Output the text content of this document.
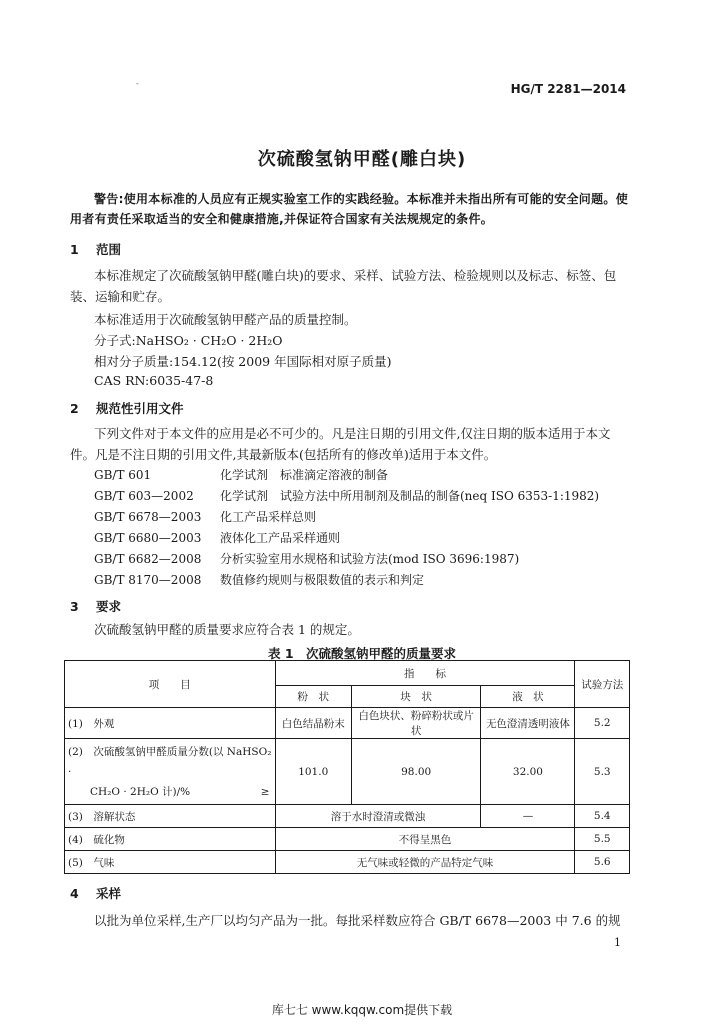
-	HG/T 2281—2014
次硫酸氢钠甲醛(雕白块)
警告:使用本标准的人员应有正规实验室工作的实践经验。本标准并未指出所有可能的安全问题。使用者有责任采取适当的安全和健康措施,并保证符合国家有关法规规定的条件。
1 范围
本标准规定了次硫酸氢钠甲醛(雕白块)的要求、采样、试验方法、检验规则以及标志、标签、包装、运输和贮存。
本标准适用于次硫酸氢钠甲醛产品的质量控制。
分子式:NaHSO₂ · CH₂O · 2H₂O
相对分子质量:154.12(按 2009 年国际相对原子质量)
CAS RN:6035-47-8
2 规范性引用文件
下列文件对于本文件的应用是必不可少的。凡是注日期的引用文件,仅注日期的版本适用于本文件。凡是不注日期的引用文件,其最新版本(包括所有的修改单)适用于本文件。
GB/T 601	化学试剂　标准滴定溶液的制备
GB/T 603—2002 化学试剂　试验方法中所用制剂及制品的制备(neq ISO 6353-1:1982)
GB/T 6678—2003 化工产品采样总则
GB/T 6680—2003 液体化工产品采样通则
GB/T 6682—2008 分析实验室用水规格和试验方法(mod ISO 3696:1987)
GB/T 8170—2008 数值修约规则与极限数值的表示和判定
3 要求
次硫酸氢钠甲醛的质量要求应符合表 1 的规定。
表 1　次硫酸氢钠甲醛的质量要求
项　　目	指　　标			试验方法
	粉　状	块　状	液　状	
(1)　外观	白色结晶粉末	白色块状、粉碎粉状或片状	无色澄清透明液体	5.2

(2)　次硫酸氢钠甲醛质量分数(以 NaHSO₂ ·
CH₂O · 2H₂O 计)/% ≥	101.0	98.00	32.00	5.3
(3)　溶解状态	溶于水时澄清或微浊		—	5.4
(4)　硫化物	不得呈黑色			5.5
(5)　气味	无气味或轻微的产品特定气味			5.6
4 采样
以批为单位采样,生产厂以均匀产品为一批。每批采样数应符合 GB/T 6678—2003 中 7.6 的规
1
库七七 www.kqqw.com提供下载
